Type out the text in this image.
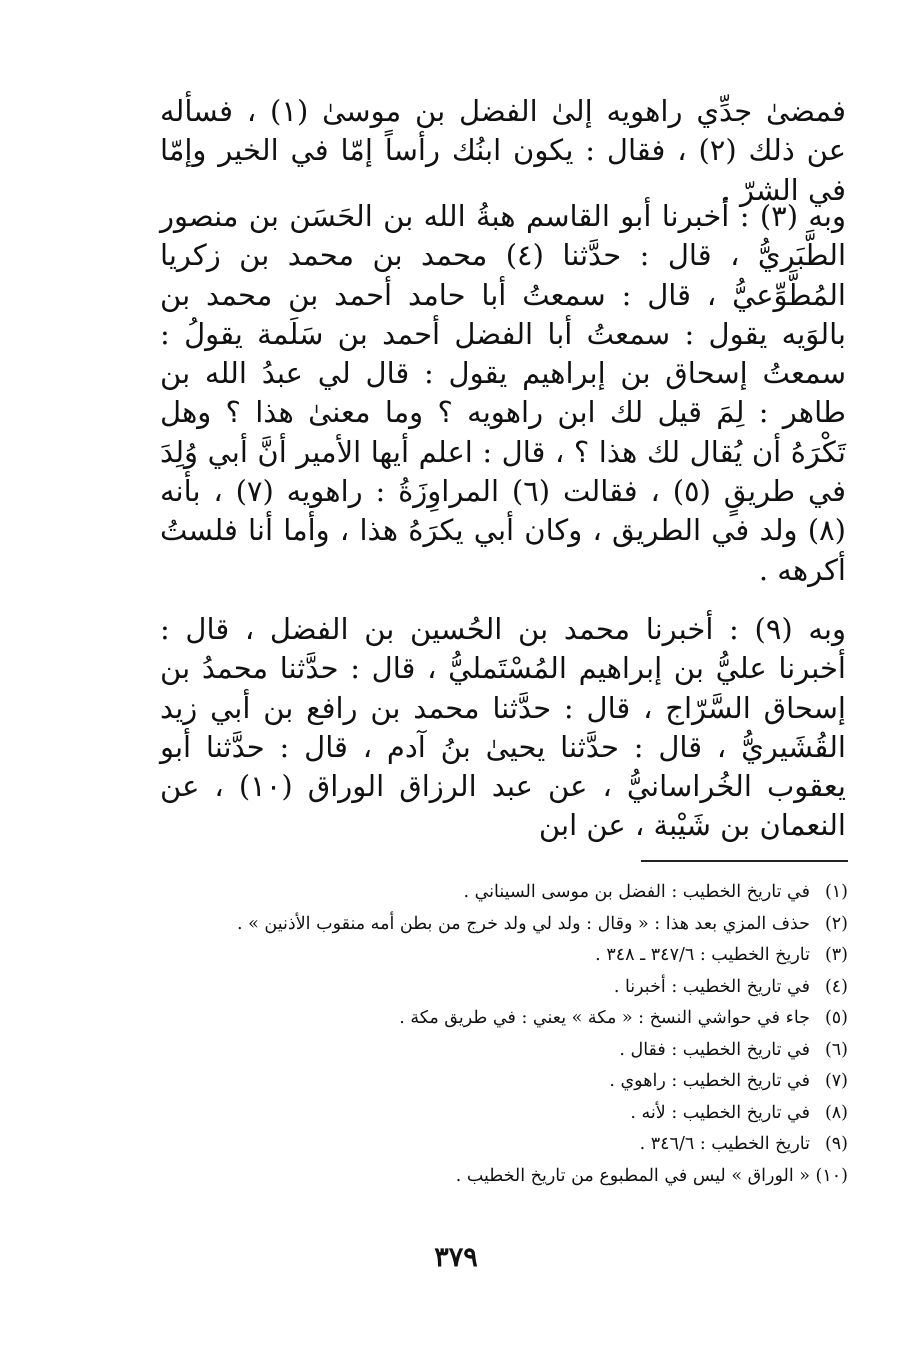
فمضىٰ جدِّي راهويه إلىٰ الفضل بن موسىٰ (١) ، فسأله عن ذلك (٢) ، فقال : يكون ابنُك رأساً إمّا في الخير وإمّا في الشرّ .

وبه (٣) : أخبرنا أبو القاسم هبةُ الله بن الحَسَن بن منصور الطَّبَريُّ ، قال : حدَّثنا (٤) محمد بن محمد بن زكريا المُطَّوِّعيُّ ، قال : سمعتُ أبا حامد أحمد بن محمد بن بالوَيه يقول : سمعتُ أبا الفضل أحمد بن سَلَمة يقولُ : سمعتُ إسحاق بن إبراهيم يقول : قال لي عبدُ الله بن طاهر : لِمَ قيل لك ابن راهويه ؟ وما معنىٰ هذا ؟ وهل تَكْرَهُ أن يُقال لك هذا ؟ ، قال : اعلم أيها الأمير أنَّ أبي وُلِدَ في طريقٍ (٥) ، فقالت (٦) المراوِزَةُ : راهويه (٧) ، بأنه (٨) ولد في الطريق ، وكان أبي يكرَهُ هذا ، وأما أنا فلستُ أكرهه .

وبه (٩) : أخبرنا محمد بن الحُسين بن الفضل ، قال : أخبرنا عليُّ بن إبراهيم المُسْتَمليُّ ، قال : حدَّثنا محمدُ بن إسحاق السَّرّاج ، قال : حدَّثنا محمد بن رافع بن أبي زيد القُشَيريُّ ، قال : حدَّثنا يحيىٰ بنُ آدم ، قال : حدَّثنا أبو يعقوب الخُراسانيُّ ، عن عبد الرزاق الوراق (١٠) ، عن النعمان بن شَيْبة ، عن ابن

(١)في تاريخ الخطيب : الفضل بن موسى السيناني .
(٢)حذف المزي بعد هذا : « وقال : ولد لي ولد خرج من بطن أمه منقوب الأذنين » .
(٣)تاريخ الخطيب : ٣٤٧/٦ ـ ٣٤٨ .
(٤)في تاريخ الخطيب : أخبرنا .
(٥)جاء في حواشي النسخ : « مكة » يعني : في طريق مكة .
(٦)في تاريخ الخطيب : فقال .
(٧)في تاريخ الخطيب : راهوي .
(٨)في تاريخ الخطيب : لأنه .
(٩)تاريخ الخطيب : ٣٤٦/٦ .
(١٠)« الوراق » ليس في المطبوع من تاريخ الخطيب .
٣٧٩
